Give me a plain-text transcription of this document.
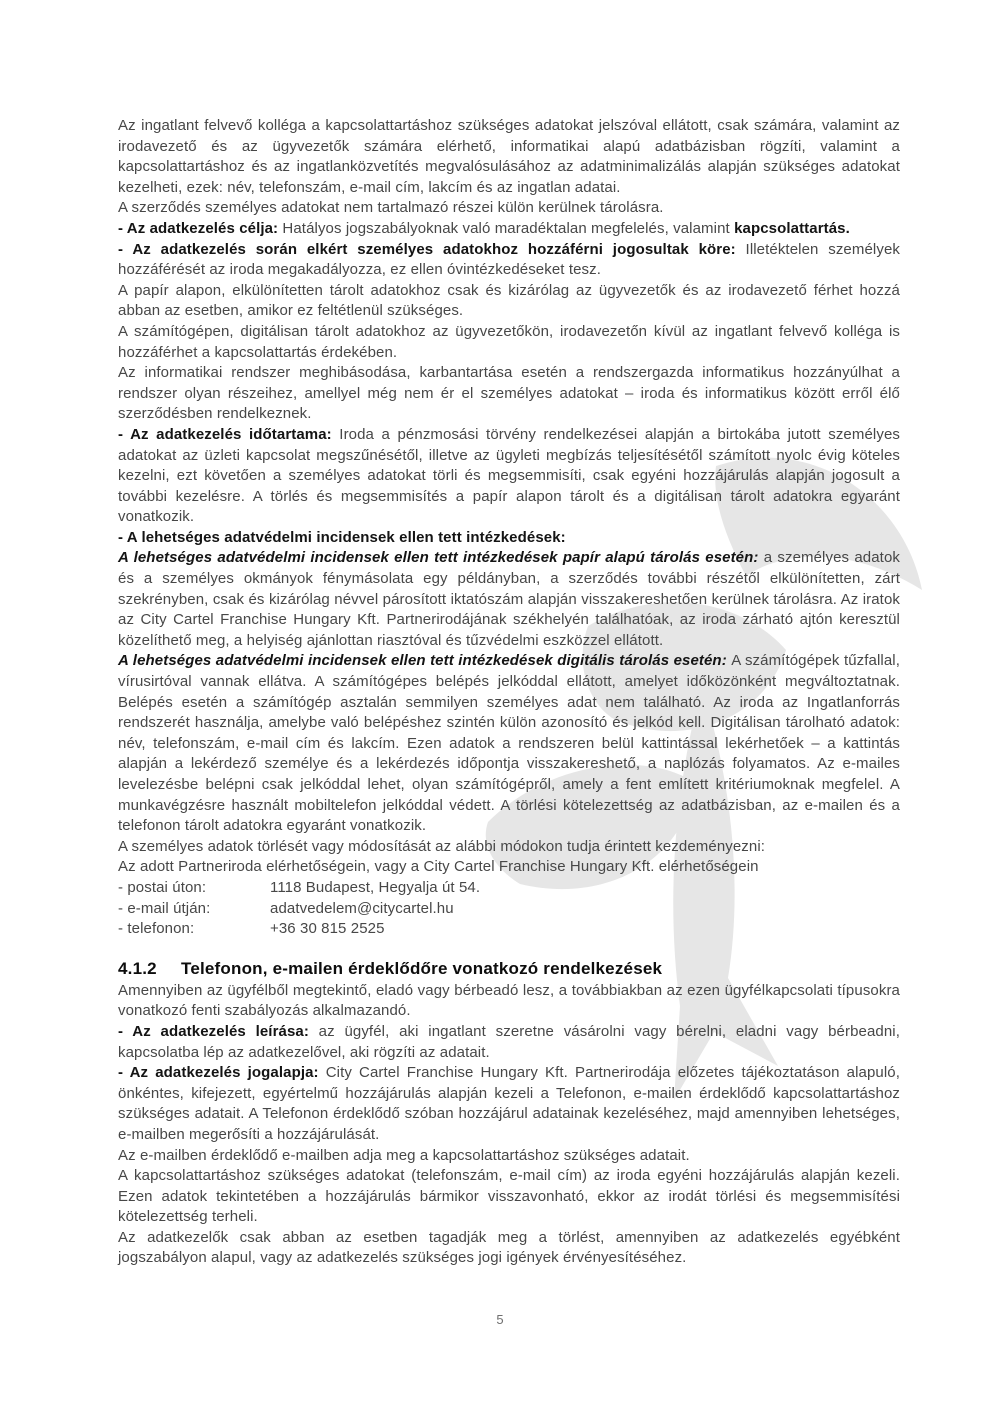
Az ingatlant felvevő kolléga a kapcsolattartáshoz szükséges adatokat jelszóval ellátott, csak számára, valamint az irodavezető és az ügyvezetők számára elérhető, informatikai alapú adatbázisban rögzíti, valamint a kapcsolattartáshoz és az ingatlanközvetítés megvalósulásához az adatminimalizálás alapján szükséges adatokat kezelheti, ezek: név, telefonszám, e-mail cím, lakcím és az ingatlan adatai.

A szerződés személyes adatokat nem tartalmazó részei külön kerülnek tárolásra.

- Az adatkezelés célja: Hatályos jogszabályoknak való maradéktalan megfelelés, valamint kapcsolattartás.

- Az adatkezelés során elkért személyes adatokhoz hozzáférni jogosultak köre: Illetéktelen személyek hozzáférését az iroda megakadályozza, ez ellen óvintézkedéseket tesz.

A papír alapon, elkülönítetten tárolt adatokhoz csak és kizárólag az ügyvezetők és az irodavezető férhet hozzá abban az esetben, amikor ez feltétlenül szükséges.

A számítógépen, digitálisan tárolt adatokhoz az ügyvezetőkön, irodavezetőn kívül az ingatlant felvevő kolléga is hozzáférhet a kapcsolattartás érdekében.

Az informatikai rendszer meghibásodása, karbantartása esetén a rendszergazda informatikus hozzányúlhat a rendszer olyan részeihez, amellyel még nem ér el személyes adatokat – iroda és informatikus között erről élő szerződésben rendelkeznek.

- Az adatkezelés időtartama: Iroda a pénzmosási törvény rendelkezései alapján a birtokába jutott személyes adatokat az üzleti kapcsolat megszűnésétől, illetve az ügyleti megbízás teljesítésétől számított nyolc évig köteles kezelni, ezt követően a személyes adatokat törli és megsemmisíti, csak egyéni hozzájárulás alapján jogosult a további kezelésre. A törlés és megsemmisítés a papír alapon tárolt és a digitálisan tárolt adatokra egyaránt vonatkozik.

- A lehetséges adatvédelmi incidensek ellen tett intézkedések:

A lehetséges adatvédelmi incidensek ellen tett intézkedések papír alapú tárolás esetén: a személyes adatok és a személyes okmányok fénymásolata egy példányban, a szerződés további részétől elkülönítetten, zárt szekrényben, csak és kizárólag névvel párosított iktatószám alapján visszakereshetően kerülnek tárolásra. Az iratok az City Cartel Franchise Hungary Kft. Partnerirodájának székhelyén találhatóak, az iroda zárható ajtón keresztül közelíthető meg, a helyiség ajánlottan riasztóval és tűzvédelmi eszközzel ellátott.

A lehetséges adatvédelmi incidensek ellen tett intézkedések digitális tárolás esetén: A számítógépek tűzfallal, vírusirtóval vannak ellátva. A számítógépes belépés jelkóddal ellátott, amelyet időközönként megváltoztatnak. Belépés esetén a számítógép asztalán semmilyen személyes adat nem található. Az iroda az Ingatlanforrás rendszerét használja, amelybe való belépéshez szintén külön azonosító és jelkód kell. Digitálisan tárolható adatok: név, telefonszám, e-mail cím és lakcím. Ezen adatok a rendszeren belül kattintással lekérhetőek – a kattintás alapján a lekérdező személye és a lekérdezés időpontja visszakereshető, a naplózás folyamatos. Az e-mailes levelezésbe belépni csak jelkóddal lehet, olyan számítógépről, amely a fent említett kritériumoknak megfelel. A munkavégzésre használt mobiltelefon jelkóddal védett. A törlési kötelezettség az adatbázisban, az e-mailen és a telefonon tárolt adatokra egyaránt vonatkozik.

A személyes adatok törlését vagy módosítását az alábbi módokon tudja érintett kezdeményezni:

Az adott Partneriroda elérhetőségein, vagy a City Cartel Franchise Hungary Kft. elérhetőségein

- postai úton:	1118 Budapest, Hegyalja út 54.
- e-mail útján:	adatvedelem@citycartel.hu
- telefonon:	+36 30 815 2525
4.1.2	Telefonon, e-mailen érdeklődőre vonatkozó rendelkezések

Amennyiben az ügyfélből megtekintő, eladó vagy bérbeadó lesz, a továbbiakban az ezen ügyfélkapcsolati típusokra vonatkozó fenti szabályozás alkalmazandó.

- Az adatkezelés leírása: az ügyfél, aki ingatlant szeretne vásárolni vagy bérelni, eladni vagy bérbeadni, kapcsolatba lép az adatkezelővel, aki rögzíti az adatait.

- Az adatkezelés jogalapja: City Cartel Franchise Hungary Kft. Partnerirodája előzetes tájékoztatáson alapuló, önkéntes, kifejezett, egyértelmű hozzájárulás alapján kezeli a Telefonon, e-mailen érdeklődő kapcsolattartáshoz szükséges adatait. A Telefonon érdeklődő szóban hozzájárul adatainak kezeléséhez, majd amennyiben lehetséges, e-mailben megerősíti a hozzájárulását.

Az e-mailben érdeklődő e-mailben adja meg a kapcsolattartáshoz szükséges adatait.

A kapcsolattartáshoz szükséges adatokat (telefonszám, e-mail cím) az iroda egyéni hozzájárulás alapján kezeli. Ezen adatok tekintetében a hozzájárulás bármikor visszavonható, ekkor az irodát törlési és megsemmisítési kötelezettség terheli.

Az adatkezelők csak abban az esetben tagadják meg a törlést, amennyiben az adatkezelés egyébként jogszabályon alapul, vagy az adatkezelés szükséges jogi igények érvényesítéséhez.

5
